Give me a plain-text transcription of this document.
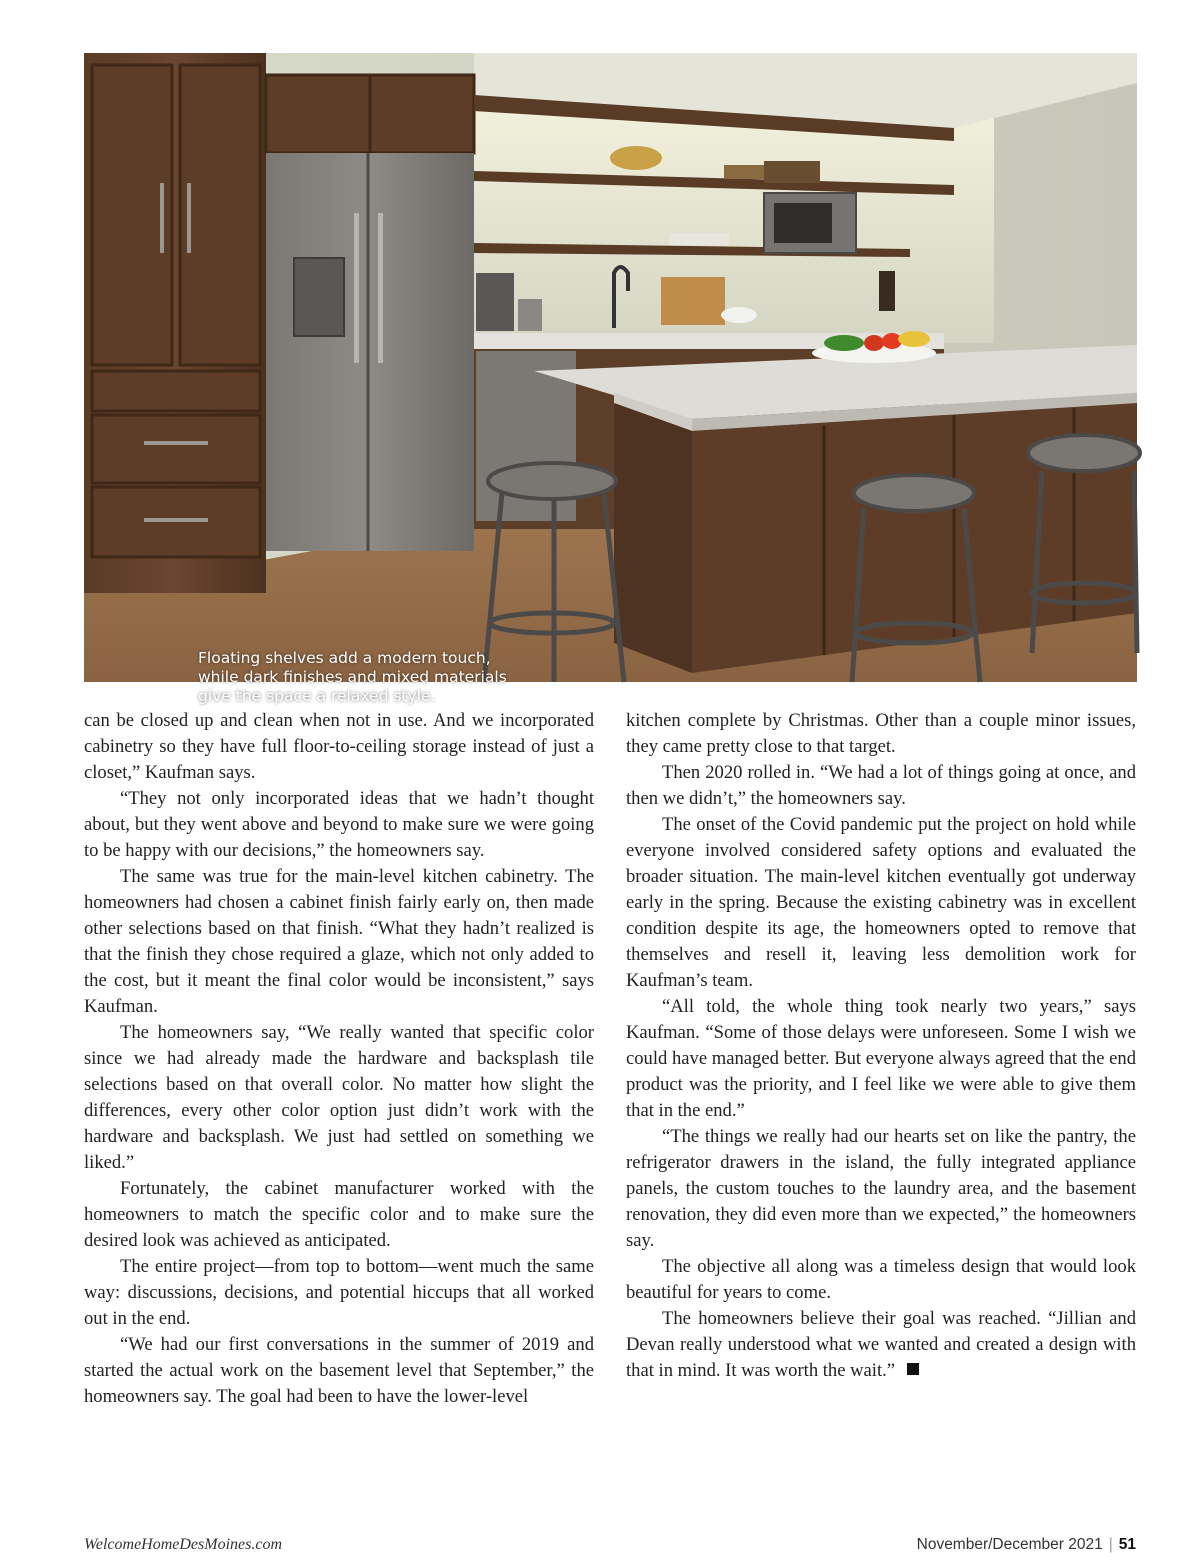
Floating shelves add a modern touch,
while dark finishes and mixed materials
give the space a relaxed style.

can be closed up and clean when not in use. And we incorporated cabinetry so they have full floor-to-ceiling storage instead of just a closet,” Kaufman says.

“They not only incorporated ideas that we hadn’t thought about, but they went above and beyond to make sure we were going to be happy with our decisions,” the homeowners say.

The same was true for the main-level kitchen cabinetry. The homeowners had chosen a cabinet finish fairly early on, then made other selections based on that finish. “What they hadn’t realized is that the finish they chose required a glaze, which not only added to the cost, but it meant the final color would be inconsistent,” says Kaufman.

The homeowners say, “We really wanted that specific color since we had already made the hardware and backsplash tile selections based on that overall color. No matter how slight the differences, every other color option just didn’t work with the hardware and backsplash. We just had settled on something we liked.”

Fortunately, the cabinet manufacturer worked with the homeowners to match the specific color and to make sure the desired look was achieved as anticipated.

The entire project—from top to bottom—went much the same way: discussions, decisions, and potential hiccups that all worked out in the end.

“We had our first conversations in the summer of 2019 and started the actual work on the basement level that September,” the homeowners say. The goal had been to have the lower-level

kitchen complete by Christmas. Other than a couple minor issues, they came pretty close to that target.

Then 2020 rolled in. “We had a lot of things going at once, and then we didn’t,” the homeowners say.

The onset of the Covid pandemic put the project on hold while everyone involved considered safety options and evaluated the broader situation. The main-level kitchen eventually got underway early in the spring. Because the existing cabinetry was in excellent condition despite its age, the homeowners opted to remove that themselves and resell it, leaving less demolition work for Kaufman’s team.

“All told, the whole thing took nearly two years,” says Kaufman. “Some of those delays were unforeseen. Some I wish we could have managed better. But everyone always agreed that the end product was the priority, and I feel like we were able to give them that in the end.”

“The things we really had our hearts set on like the pantry, the refrigerator drawers in the island, the fully integrated appliance panels, the custom touches to the laundry area, and the basement renovation, they did even more than we expected,” the homeowners say.

The objective all along was a timeless design that would look beautiful for years to come.

The homeowners believe their goal was reached. “Jillian and Devan really understood what we wanted and created a design with that in mind. It was worth the wait.”

WelcomeHomeDesMoines.com	November/December 2021 | 51
